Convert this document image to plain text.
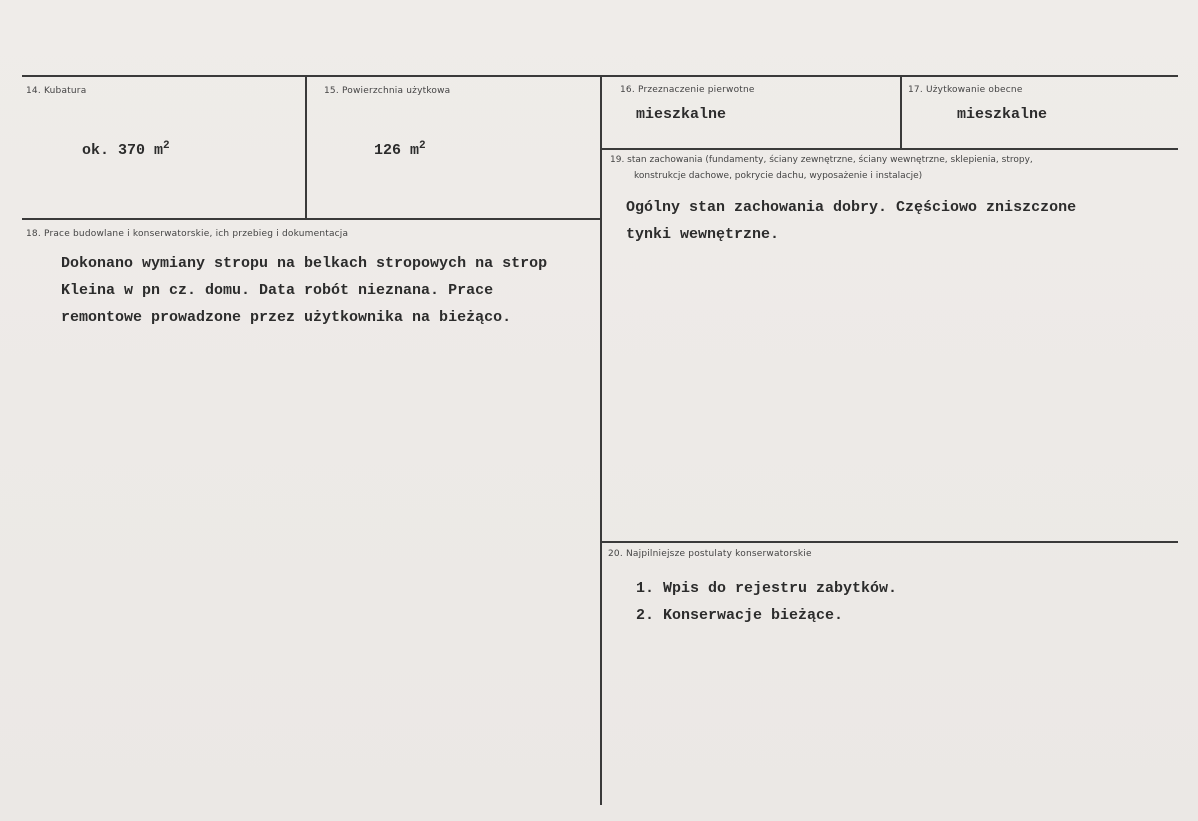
14. Kubatura
ok. 370 $m^2$
15. Powierzchnia użytkowa
126 $m^2$
16. Przeznaczenie pierwotne
mieszkalne
17. Użytkowanie obecne
mieszkalne
18. Prace budowlane i konserwatorskie, ich przebieg i dokumentacja
Dokonano wymiany stropu na belkach stropowych na strop
Kleina w pn cz. domu. Data robót nieznana. Prace
remontowe prowadzone przez użytkownika na bieżąco.
19. stan zachowania (fundamenty, ściany zewnętrzne, ściany wewnętrzne, sklepienia, stropy,
konstrukcje dachowe, pokrycie dachu, wyposażenie i instalacje)
Ogólny stan zachowania dobry. Częściowo zniszczone
tynki wewnętrzne.
20. Najpilniejsze postulaty konserwatorskie
1. Wpis do rejestru zabytków.
2. Konserwacje bieżące.
